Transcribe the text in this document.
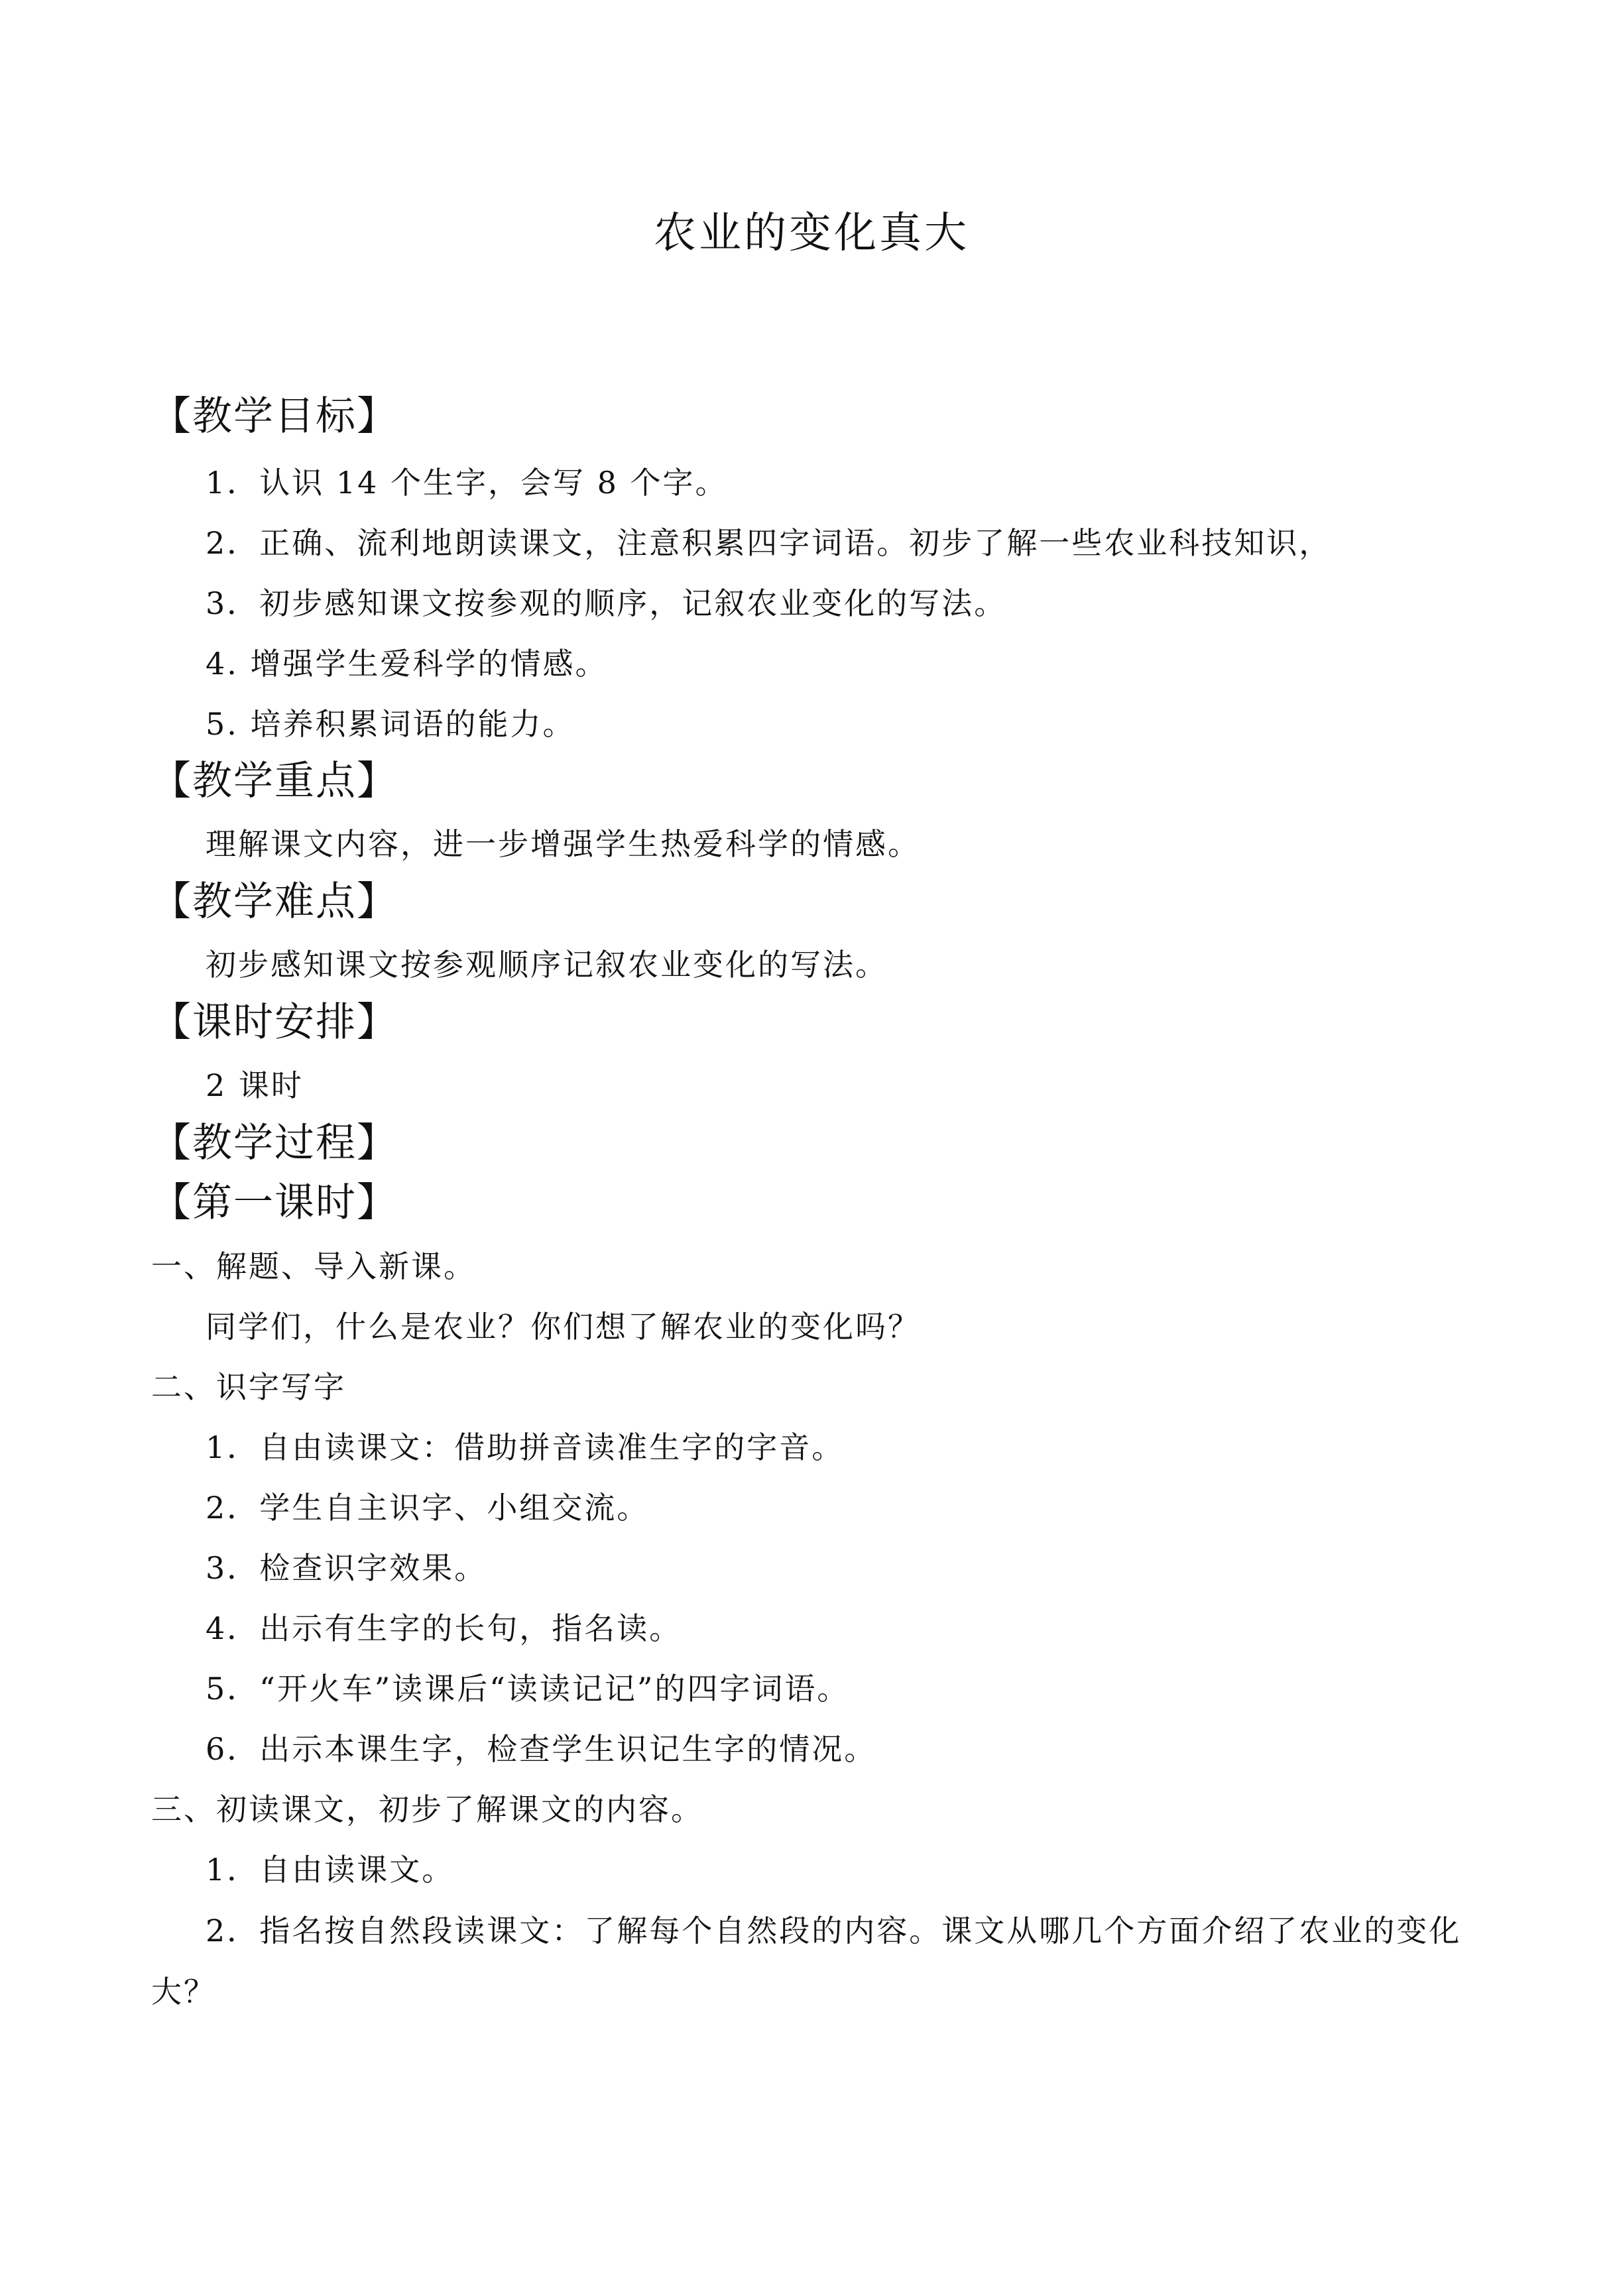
农业的变化真大
【教学目标】
1．认识 14 个生字，会写 8 个字。
2．正确、流利地朗读课文，注意积累四字词语。初步了解一些农业科技知识，
3．初步感知课文按参观的顺序，记叙农业变化的写法。
4. 增强学生爱科学的情感。
5. 培养积累词语的能力。
【教学重点】
理解课文内容，进一步增强学生热爱科学的情感。
【教学难点】
初步感知课文按参观顺序记叙农业变化的写法。
【课时安排】
2 课时
【教学过程】
【第一课时】
一、解题、导入新课。
同学们，什么是农业？你们想了解农业的变化吗？
二、识字写字
1．自由读课文：借助拼音读准生字的字音。
2．学生自主识字、小组交流。
3．检查识字效果。
4．出示有生字的长句，指名读。
5．“开火车”读课后“读读记记”的四字词语。
6．出示本课生字，检查学生识记生字的情况。
三、初读课文，初步了解课文的内容。
1．自由读课文。
2．指名按自然段读课文：了解每个自然段的内容。课文从哪几个方面介绍了农业的变化
大？
